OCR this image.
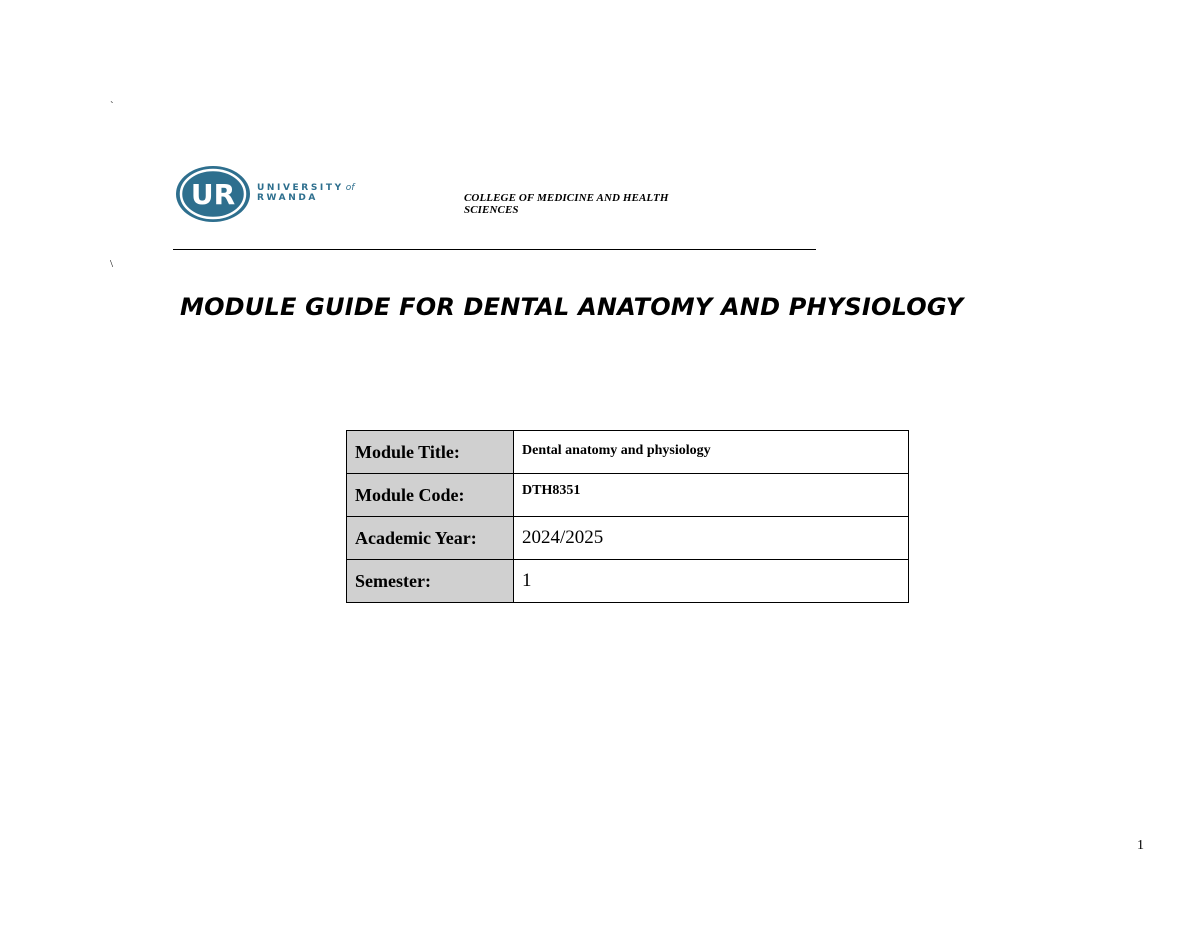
`
UR UNIVERSITY of
RWANDA	COLLEGE OF MEDICINE AND HEALTH
SCIENCES
\
MODULE GUIDE FOR DENTAL ANATOMY AND PHYSIOLOGY
Module Title:	Dental anatomy and physiology
Module Code:	DTH8351
Academic Year:	2024/2025
Semester:	1
1
